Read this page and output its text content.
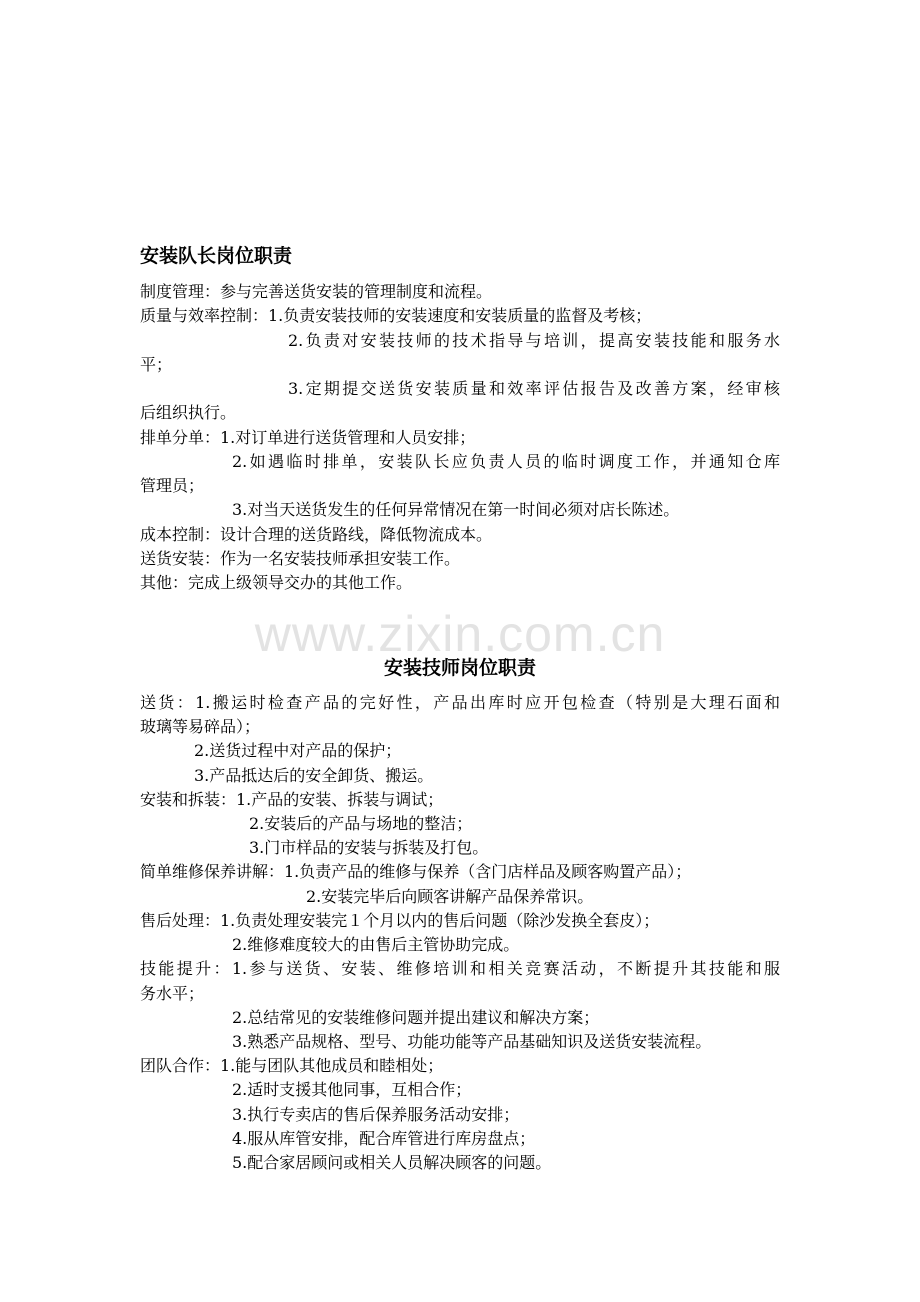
www.zixin.com.cn
安装队长岗位职责
制度管理：参与完善送货安装的管理制度和流程。
质量与效率控制：1.负责安装技师的安装速度和安装质量的监督及考核；
2.负责对安装技师的技术指导与培训，提高安装技能和服务水
平；
3.定期提交送货安装质量和效率评估报告及改善方案，经审核
后组织执行。
排单分单：1.对订单进行送货管理和人员安排；
2.如遇临时排单，安装队长应负责人员的临时调度工作，并通知仓库
管理员；
3.对当天送货发生的任何异常情况在第一时间必须对店长陈述。
成本控制：设计合理的送货路线，降低物流成本。
送货安装：作为一名安装技师承担安装工作。
其他：完成上级领导交办的其他工作。
安装技师岗位职责
送货：1.搬运时检查产品的完好性，产品出库时应开包检查（特别是大理石面和
玻璃等易碎品）；
2.送货过程中对产品的保护；
3.产品抵达后的安全卸货、搬运。
安装和拆装：1.产品的安装、拆装与调试；
2.安装后的产品与场地的整洁；
3.门市样品的安装与拆装及打包。
简单维修保养讲解：1.负责产品的维修与保养（含门店样品及顾客购置产品）；
2.安装完毕后向顾客讲解产品保养常识。
售后处理：1.负责处理安装完１个月以内的售后问题（除沙发换全套皮）；
2.维修难度较大的由售后主管协助完成。
技能提升：1.参与送货、安装、维修培训和相关竞赛活动，不断提升其技能和服
务水平；
2.总结常见的安装维修问题并提出建议和解决方案；
3.熟悉产品规格、型号、功能功能等产品基础知识及送货安装流程。
团队合作：1.能与团队其他成员和睦相处；
2.适时支援其他同事，互相合作；
3.执行专卖店的售后保养服务活动安排；
4.服从库管安排，配合库管进行库房盘点；
5.配合家居顾问或相关人员解决顾客的问题。
